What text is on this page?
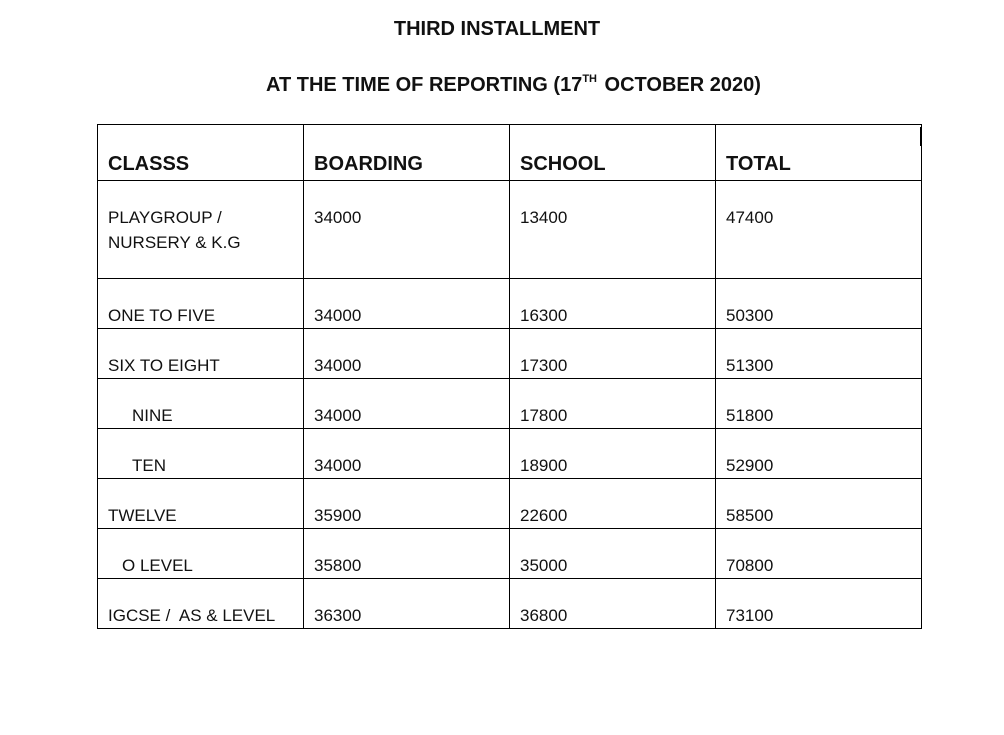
THIRD INSTALLMENT
AT THE TIME OF REPORTING (17TH OCTOBER 2020)
CLASSS	BOARDING	SCHOOL	TOTAL
PLAYGROUP /
NURSERY & K.G	34000	13400	47400
ONE TO FIVE	34000	16300	50300
SIX TO EIGHT	34000	17300	51300
NINE	34000	17800	51800
TEN	34000	18900	52900
TWELVE	35900	22600	58500
O LEVEL	35800	35000	70800
IGCSE /  AS & LEVEL	36300	36800	73100
